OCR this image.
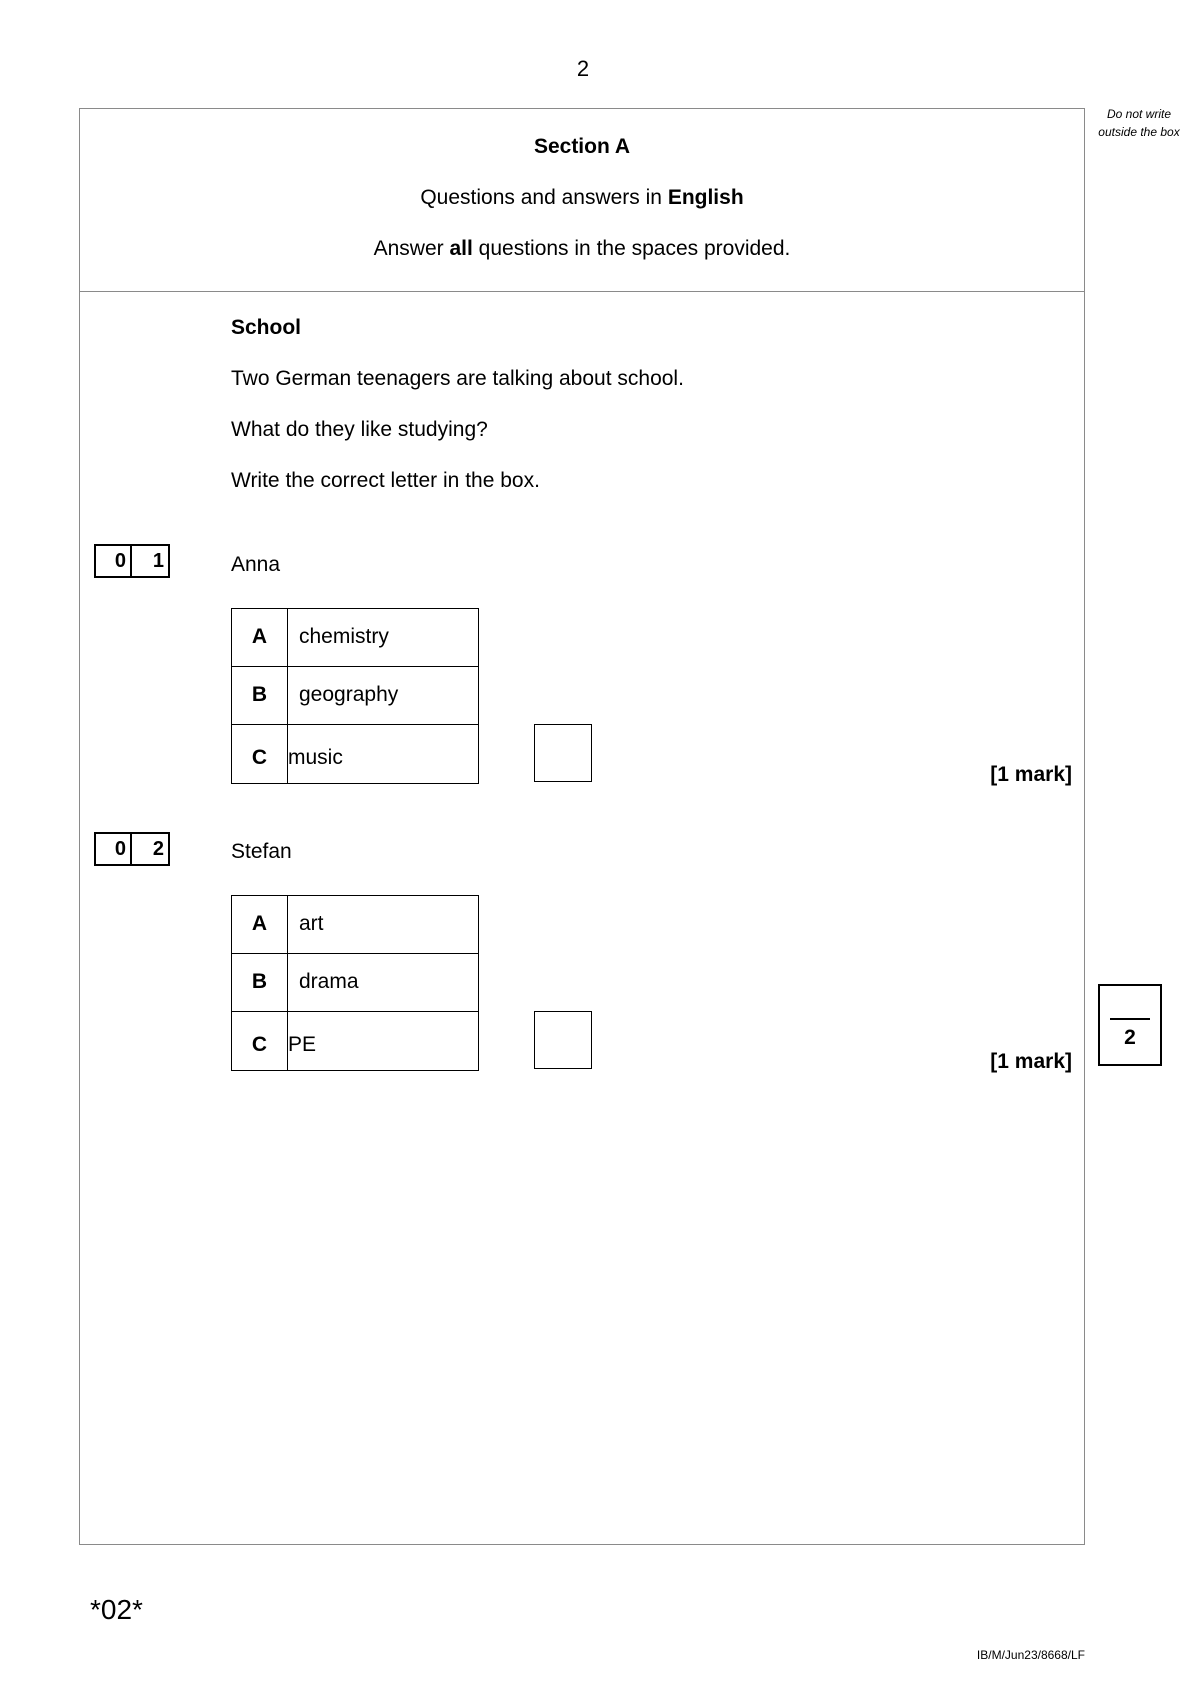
2
Do not write outside the box
Section A
Questions and answers in English
Answer all questions in the spaces provided.
School
Two German teenagers are talking about school.
What do they like studying?
Write the correct letter in the box.
0	1	Anna
A	chemistry
B	geography
C music
[1 mark]
0	2	Stefan
A	art
B	drama
C PE
[1 mark]
2
*02*
IB/M/Jun23/8668/LF
